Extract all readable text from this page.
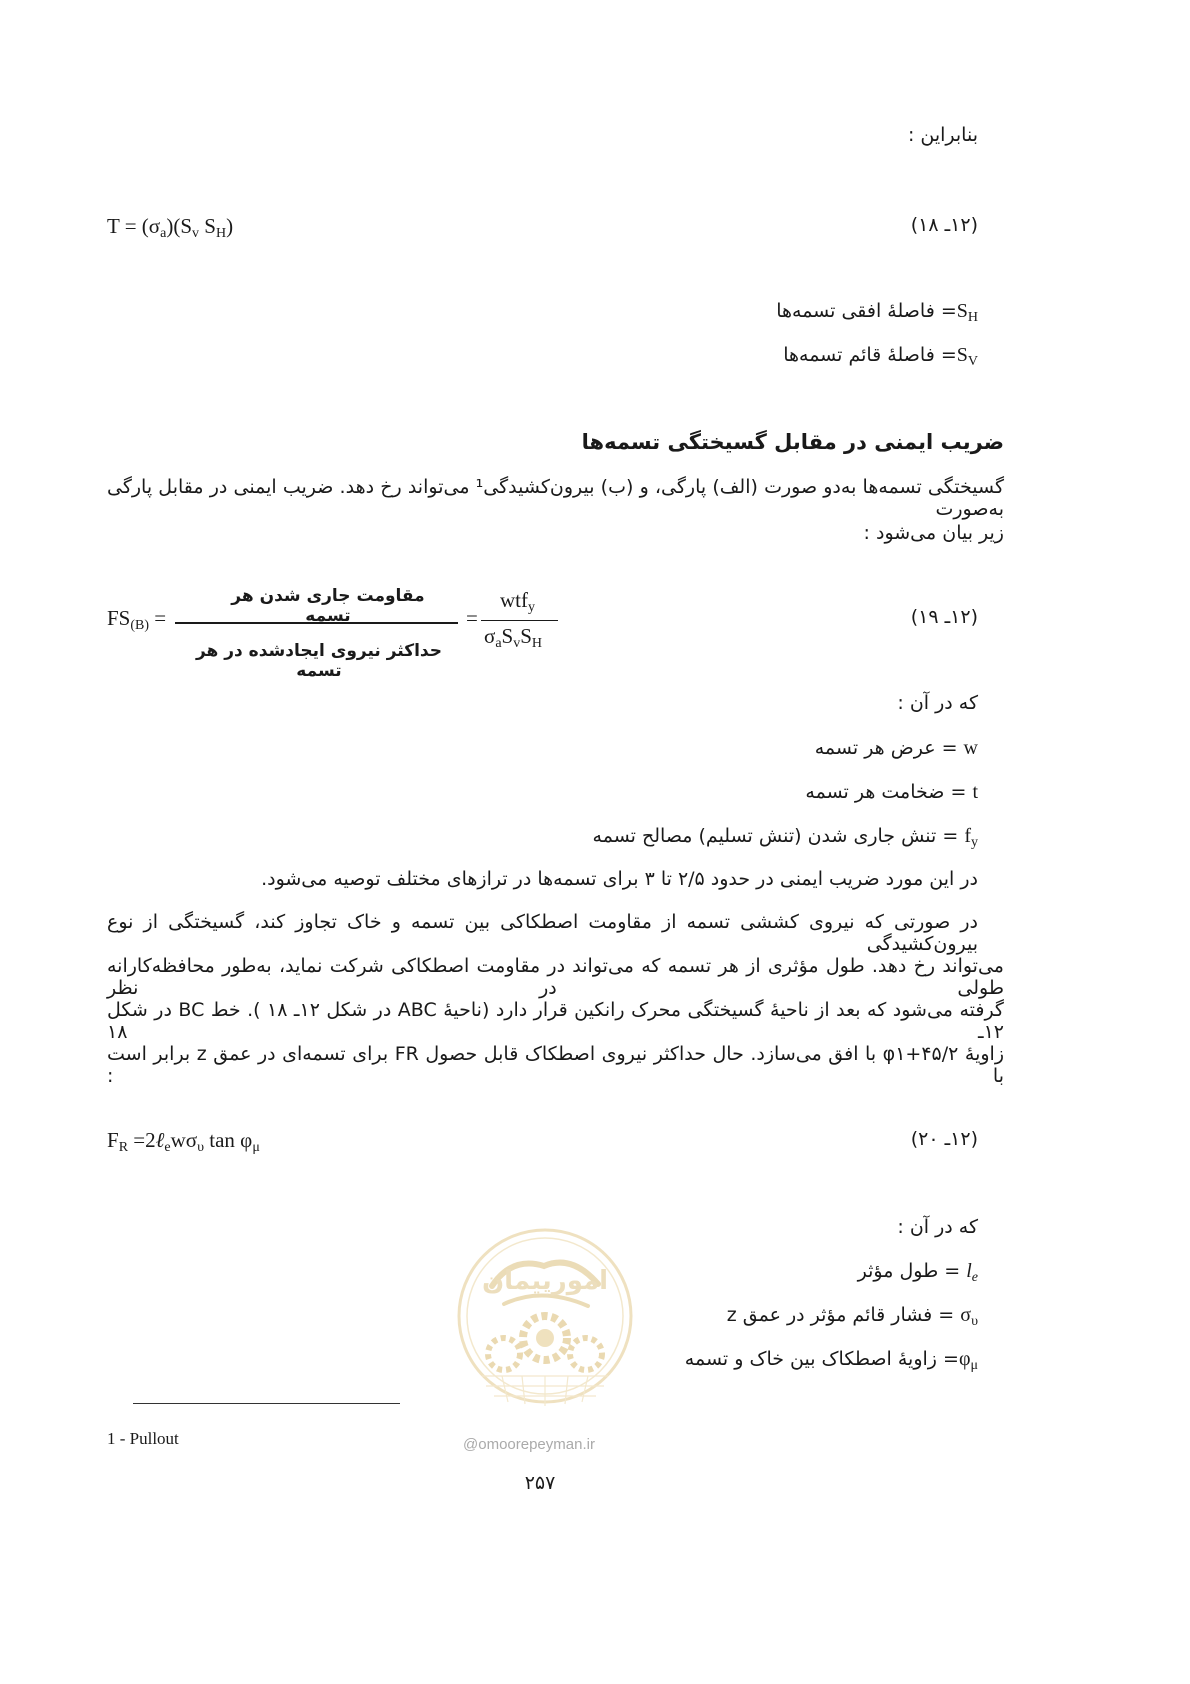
بنابراین :
$T = (\sigma_a)(S_v$ $S_H$)	(۱۲ـ ۱۸)
$S_H=$ فاصلهٔ افقی تسمه‌ها
$S_V=$ فاصلهٔ قائم تسمه‌ها
ضریب ایمنی در مقابل گسیختگی تسمه‌ها
گسیختگی تسمه‌ها به‌دو صورت (الف) پارگی، و (ب) بیرون‌کشیدگی¹ می‌تواند رخ دهد. ضریب ایمنی در مقابل پارگی به‌صورت
زیر بیان می‌شود :
$FS_{(B)}$ =
مقاومت جاری شدن هر تسمه
حداکثر نیروی ایجادشده در هر تسمه
=
wtf$_y$
$\sigma_aS_vS_H$
(۱۲ـ ۱۹)
که در آن :
w = عرض هر تسمه
t = ضخامت هر تسمه
$f_y$ = تنش جاری شدن (تنش تسلیم) مصالح تسمه
در این مورد ضریب ایمنی در حدود ۲/۵ تا ۳ برای تسمه‌ها در ترازهای مختلف توصیه می‌شود.
در صورتی که نیروی کششی تسمه از مقاومت اصطکاکی بین تسمه و خاک تجاوز کند، گسیختگی از نوع بیرون‌کشیدگی
می‌تواند رخ دهد. طول مؤثری از هر تسمه که می‌تواند در مقاومت اصطکاکی شرکت نماید، به‌طور محافظه‌کارانه طولی در نظر
گرفته می‌شود که بعد از ناحیهٔ گسیختگی محرک رانکین قرار دارد (ناحیهٔ ABC در شکل ۱۲ـ ۱۸ ). خط BC در شکل ۱۲ـ ۱۸
زاویهٔ ۲/φ۱+۴۵ با افق می‌سازد. حال حداکثر نیروی اصطکاک قابل حصول FR برای تسمه‌ای در عمق z برابر است با :
$F_R$ $=2\ell_ew\sigma_\upsilon$ $\tan \varphi_\mu$	(۱۲ـ ۲۰)
که در آن :
$l_e$ = طول مؤثر
$\sigma_\upsilon$ = فشار قائم مؤثر در عمق z
$\varphi_\mu=$ زاویهٔ اصطکاک بین خاک و تسمه
امورپیمان
@omoorepeyman.ir
1 - Pullout
۲۵۷
